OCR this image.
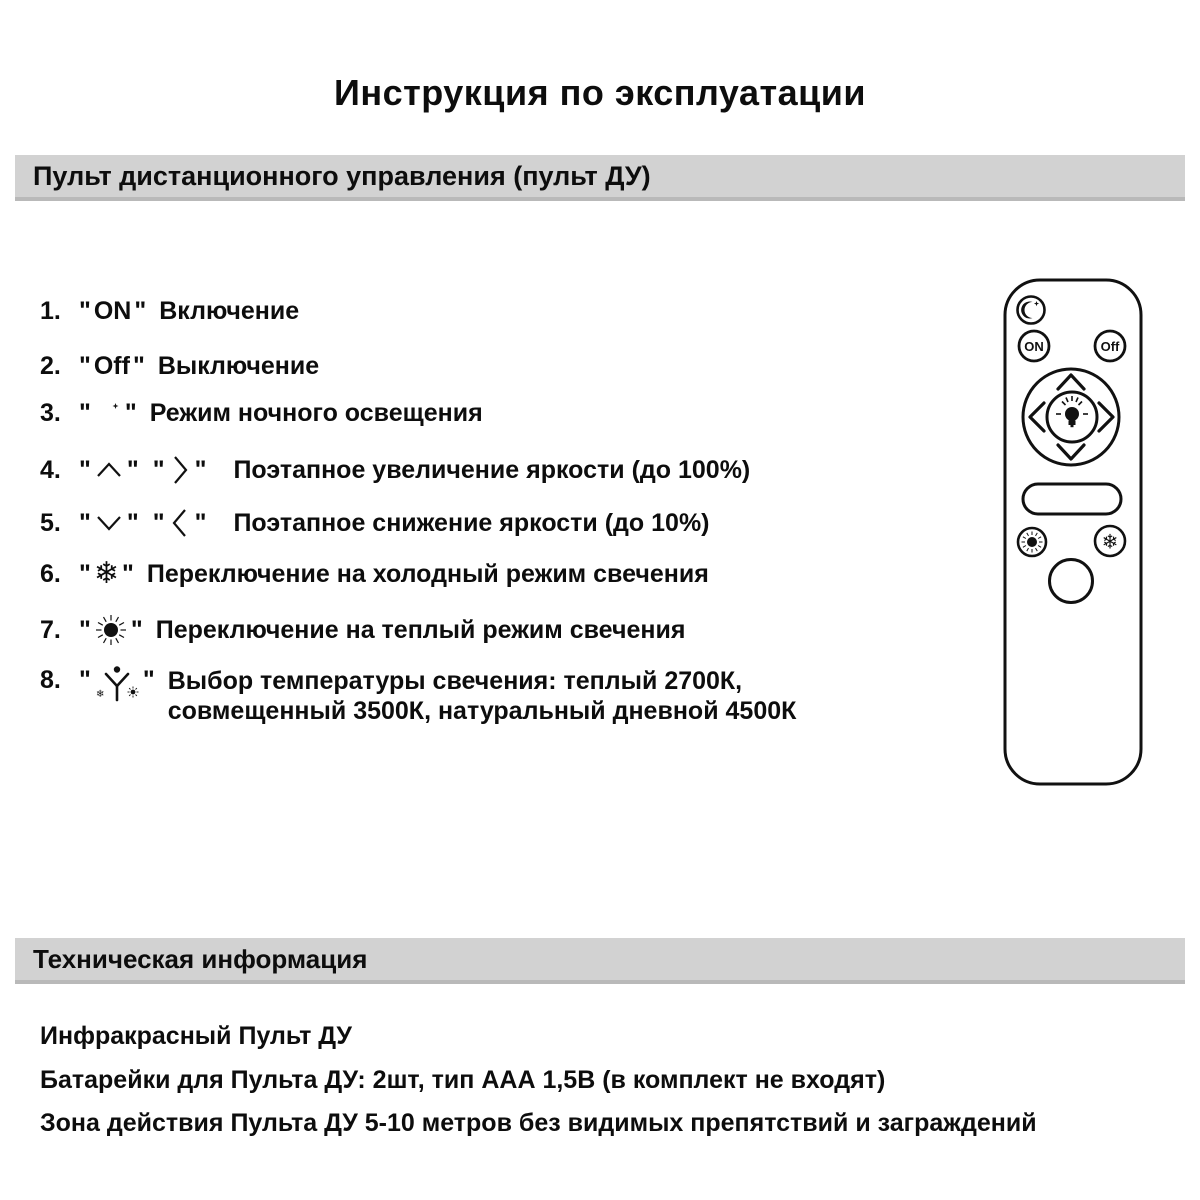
Инструкция по эксплуатации
Пульт дистанционного управления (пульт ДУ)
1. " ON " Включение
2. " Off " Выключение
3. " " Режим ночного освещения
4. " " " " Поэтапное увеличение яркости (до 100%)
5. " " " " Поэтапное снижение яркости (до 10%)
6. " ❄ " Переключение на холодный режим свечения
7. " " Переключение на теплый режим свечения
8. "
❄
" Выбор температуры свечения: теплый 2700К,
совмещенный 3500К, натуральный дневной 4500К
ON	Off
❄
Техническая информация
Инфракрасный Пульт ДУ
Батарейки для Пульта ДУ: 2шт, тип ААА 1,5В (в комплект не входят)
Зона действия Пульта ДУ 5-10 метров без видимых препятствий и заграждений
